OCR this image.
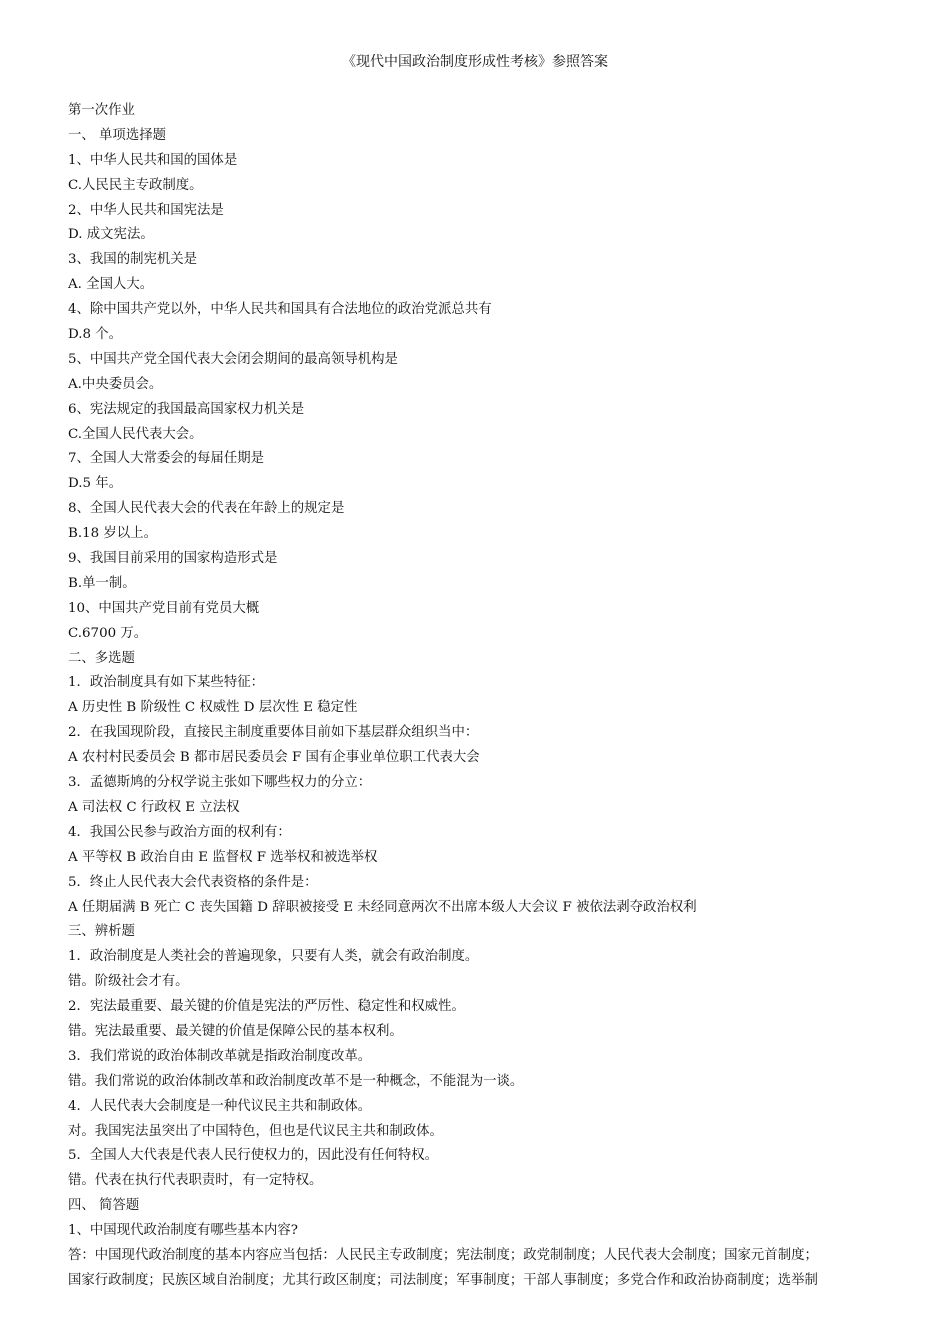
《现代中国政治制度形成性考核》参照答案
第一次作业
一、 单项选择题
1、中华人民共和国的国体是
C.人民民主专政制度。
2、中华人民共和国宪法是
D. 成文宪法。
3、我国的制宪机关是
A. 全国人大。
4、除中国共产党以外，中华人民共和国具有合法地位的政治党派总共有
D.8 个。
5、中国共产党全国代表大会闭会期间的最高领导机构是
A.中央委员会。
6、宪法规定的我国最高国家权力机关是
C.全国人民代表大会。
7、全国人大常委会的每届任期是
D.5 年。
8、全国人民代表大会的代表在年龄上的规定是
B.18 岁以上。
9、我国目前采用的国家构造形式是
B.单一制。
10、中国共产党目前有党员大概
C.6700 万。
二、多选题
1．政治制度具有如下某些特征：
A 历史性 B 阶级性 C 权威性 D 层次性 E 稳定性
2．在我国现阶段，直接民主制度重要体目前如下基层群众组织当中：
A 农村村民委员会 B 都市居民委员会 F 国有企事业单位职工代表大会
3．孟德斯鸠的分权学说主张如下哪些权力的分立：
A 司法权 C 行政权 E 立法权
4．我国公民参与政治方面的权利有：
A 平等权 B 政治自由 E 监督权 F 选举权和被选举权
5．终止人民代表大会代表资格的条件是：
A 任期届满 B 死亡 C 丧失国籍 D 辞职被接受 E 未经同意两次不出席本级人大会议 F 被依法剥夺政治权利
三、辨析题
1．政治制度是人类社会的普遍现象，只要有人类，就会有政治制度。
错。阶级社会才有。
2．宪法最重要、最关键的价值是宪法的严厉性、稳定性和权威性。
错。宪法最重要、最关键的价值是保障公民的基本权利。
3．我们常说的政治体制改革就是指政治制度改革。
错。我们常说的政治体制改革和政治制度改革不是一种概念，不能混为一谈。
4．人民代表大会制度是一种代议民主共和制政体。
对。我国宪法虽突出了中国特色，但也是代议民主共和制政体。
5．全国人大代表是代表人民行使权力的，因此没有任何特权。
错。代表在执行代表职责时，有一定特权。
四、 简答题
1、中国现代政治制度有哪些基本内容?
答：中国现代政治制度的基本内容应当包括：人民民主专政制度；宪法制度；政党制制度；人民代表大会制度；国家元首制度；
国家行政制度；民族区域自治制度；尤其行政区制度；司法制度；军事制度；干部人事制度；多党合作和政治协商制度；选举制
